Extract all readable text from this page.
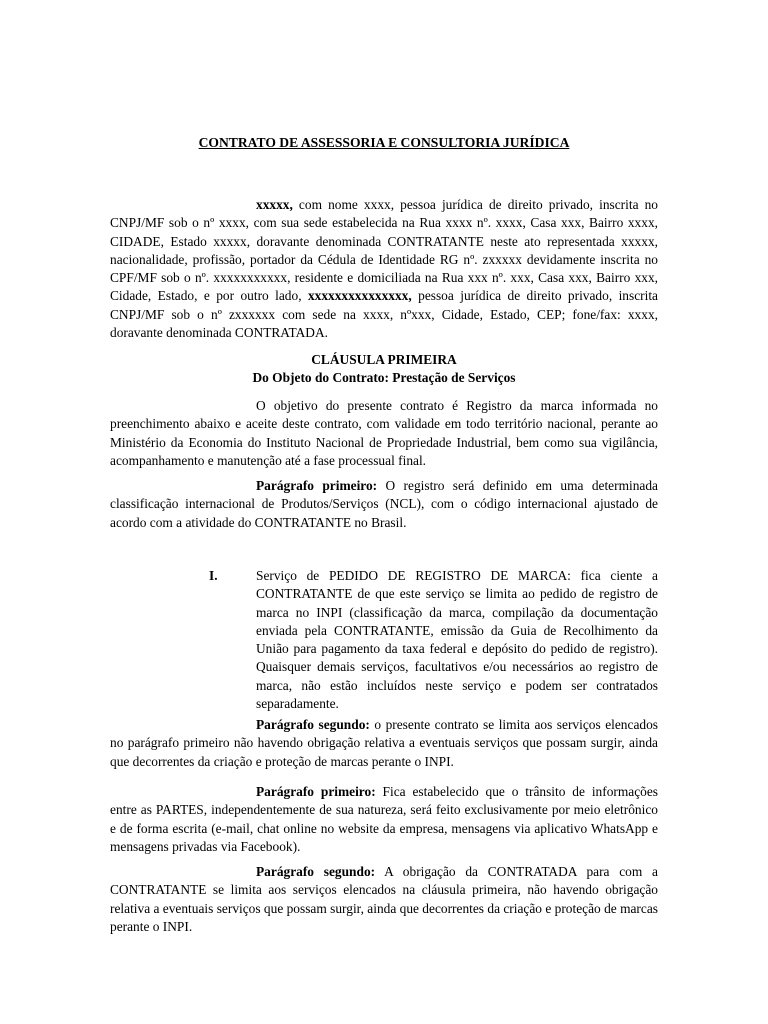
CONTRATO DE ASSESSORIA E CONSULTORIA JURÍDICA

xxxxx, com nome xxxx, pessoa jurídica de direito privado, inscrita no CNPJ/MF sob o nº xxxx, com sua sede estabelecida na Rua xxxx nº. xxxx, Casa xxx, Bairro xxxx, CIDADE, Estado xxxxx, doravante denominada CONTRATANTE neste ato representada xxxxx, nacionalidade, profissão, portador da Cédula de Identidade RG nº. zxxxxx devidamente inscrita no CPF/MF sob o nº. xxxxxxxxxxx, residente e domiciliada na Rua xxx nº. xxx, Casa xxx, Bairro xxx, Cidade, Estado, e por outro lado, xxxxxxxxxxxxxxx, pessoa jurídica de direito privado, inscrita CNPJ/MF sob o nº zxxxxxx com sede na xxxx, nºxxx, Cidade, Estado, CEP; fone/fax: xxxx, doravante denominada CONTRATADA.

CLÁUSULA PRIMEIRA
Do Objeto do Contrato: Prestação de Serviços

O objetivo do presente contrato é Registro da marca informada no preenchimento abaixo e aceite deste contrato, com validade em todo território nacional, perante ao Ministério da Economia do Instituto Nacional de Propriedade Industrial, bem como sua vigilância, acompanhamento e manutenção até a fase processual final.

Parágrafo primeiro: O registro será definido em uma determinada classificação internacional de Produtos/Serviços (NCL), com o código internacional ajustado de acordo com a atividade do CONTRATANTE no Brasil.

I.	Serviço de PEDIDO DE REGISTRO DE MARCA: fica ciente a CONTRATANTE de que este serviço se limita ao pedido de registro de marca no INPI (classificação da marca, compilação da documentação enviada pela CONTRATANTE, emissão da Guia de Recolhimento da União para pagamento da taxa federal e depósito do pedido de registro). Quaisquer demais serviços, facultativos e/ou necessários ao registro de marca, não estão incluídos neste serviço e podem ser contratados separadamente.

Parágrafo segundo: o presente contrato se limita aos serviços elencados no parágrafo primeiro não havendo obrigação relativa a eventuais serviços que possam surgir, ainda que decorrentes da criação e proteção de marcas perante o INPI.

Parágrafo primeiro: Fica estabelecido que o trânsito de informações entre as PARTES, independentemente de sua natureza, será feito exclusivamente por meio eletrônico e de forma escrita (e-mail, chat online no website da empresa, mensagens via aplicativo WhatsApp e mensagens privadas via Facebook).

Parágrafo segundo: A obrigação da CONTRATADA para com a CONTRATANTE se limita aos serviços elencados na cláusula primeira, não havendo obrigação relativa a eventuais serviços que possam surgir, ainda que decorrentes da criação e proteção de marcas perante o INPI.
